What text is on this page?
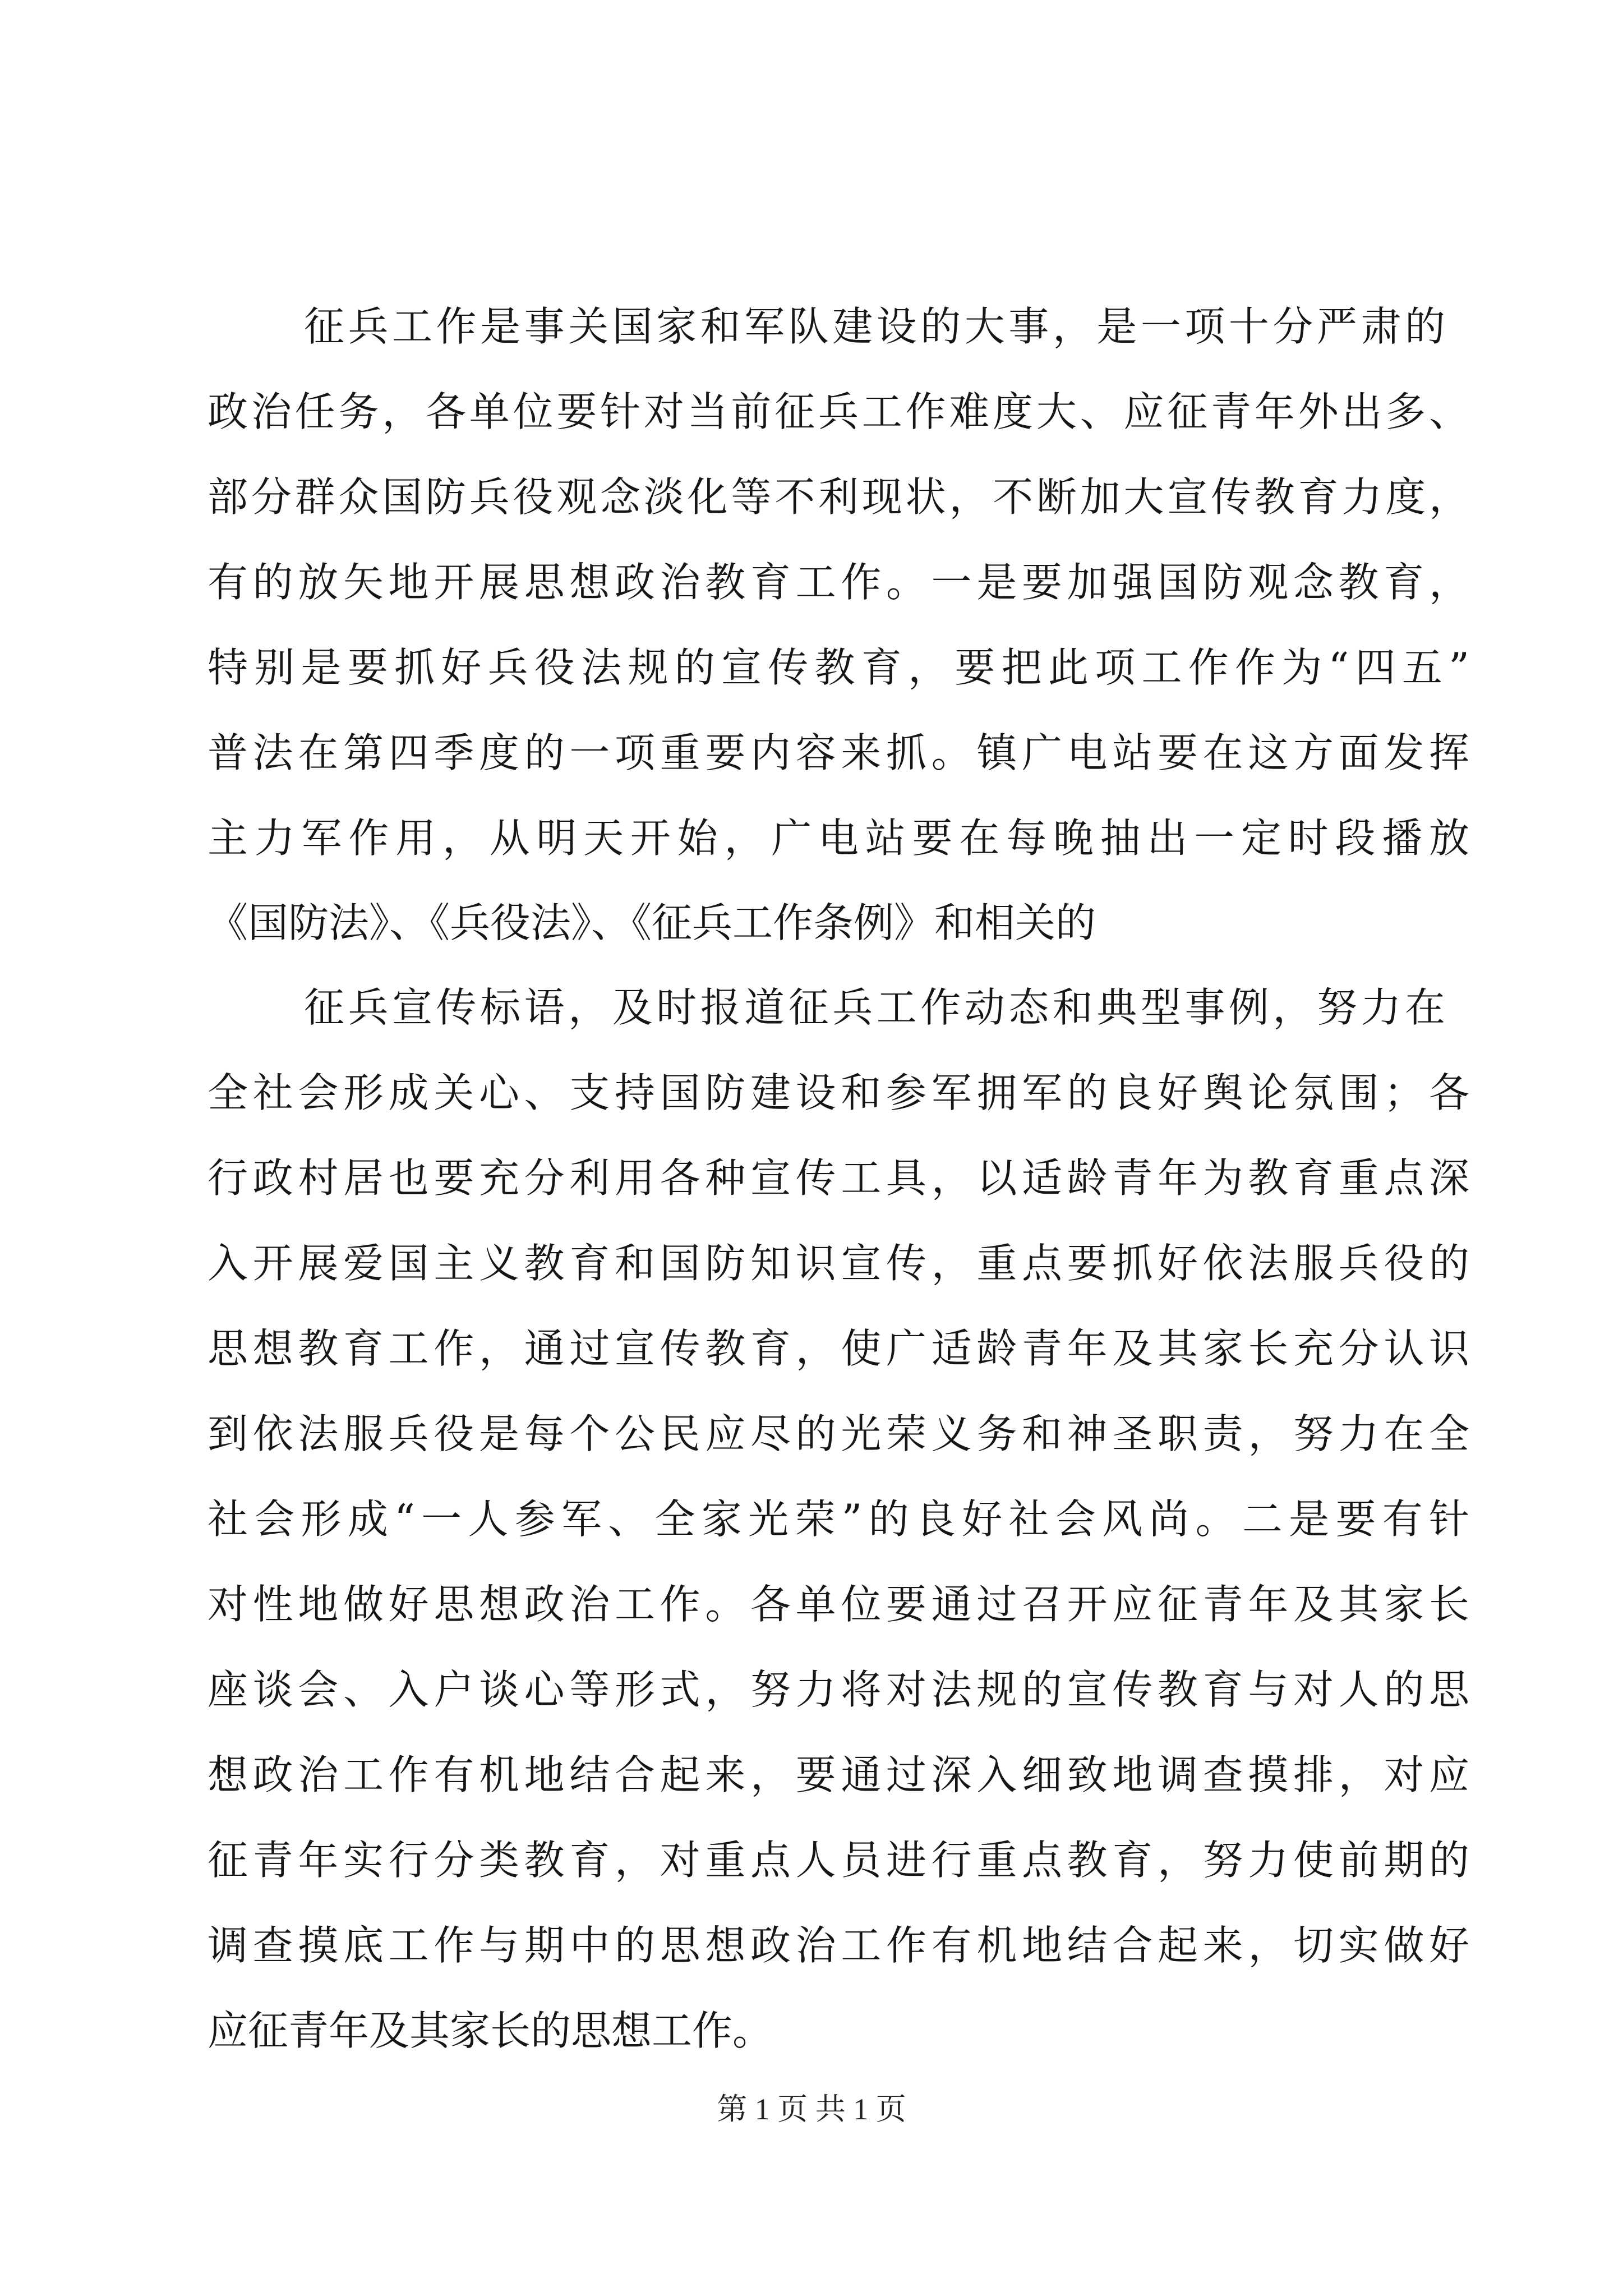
征兵工作是事关国家和军队建设的大事，是一项十分严肃的
政治任务，各单位要针对当前征兵工作难度大、应征青年外出多、
部分群众国防兵役观念淡化等不利现状，不断加大宣传教育力度，
有的放矢地开展思想政治教育工作。一是要加强国防观念教育，
特别是要抓好兵役法规的宣传教育，要把此项工作作为“四五”
普法在第四季度的一项重要内容来抓。镇广电站要在这方面发挥
主力军作用，从明天开始，广电站要在每晚抽出一定时段播放
《国防法》、《兵役法》、《征兵工作条例》和相关的
征兵宣传标语，及时报道征兵工作动态和典型事例，努力在
全社会形成关心、支持国防建设和参军拥军的良好舆论氛围；各
行政村居也要充分利用各种宣传工具，以适龄青年为教育重点深
入开展爱国主义教育和国防知识宣传，重点要抓好依法服兵役的
思想教育工作，通过宣传教育，使广适龄青年及其家长充分认识
到依法服兵役是每个公民应尽的光荣义务和神圣职责，努力在全
社会形成“一人参军、全家光荣”的良好社会风尚。二是要有针
对性地做好思想政治工作。各单位要通过召开应征青年及其家长
座谈会、入户谈心等形式，努力将对法规的宣传教育与对人的思
想政治工作有机地结合起来，要通过深入细致地调查摸排，对应
征青年实行分类教育，对重点人员进行重点教育，努力使前期的
调查摸底工作与期中的思想政治工作有机地结合起来，切实做好
应征青年及其家长的思想工作。
第 1 页 共 1 页
